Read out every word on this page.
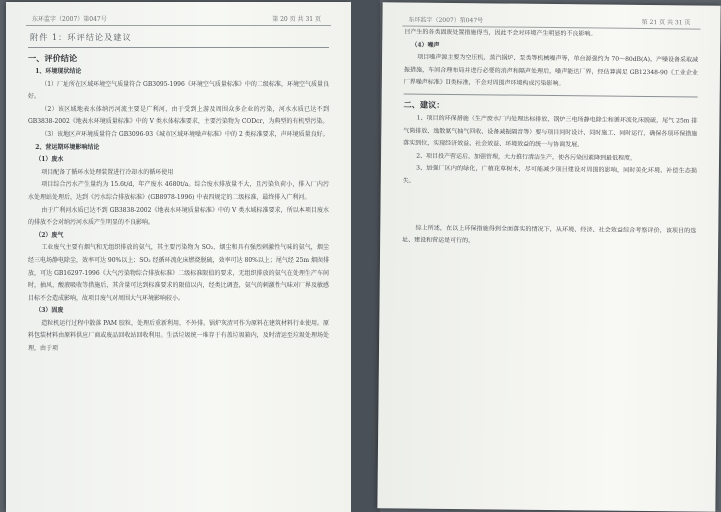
东环监字（2007）第047号	第 20 页 共 31 页
附件 1：环评结论及建议
一、评价结论
1、环境现状结论

（1）厂址所在区域环境空气质量符合 GB3095-1996《环境空气质量标准》中的二级标准，环境空气质量良好。

（2）该区域地表水体纳污河流主要是广利河，由于受到上游及周围众多企业的污染，河水水质已达不到 GB3838-2002《地表水环境质量标准》中的 V 类水体标准要求，主要污染物为 CODcr，为典型的有机型污染。

（3）该地区声环境质量符合 GB3096-93《城市区域环境噪声标准》中的 2 类标准要求，声环境质量良好。

2、营运期环境影响结论
（1）废水

项目配备了循环水处理装置进行冷却水的循环使用

项目综合污水产生量约为 15.6t/d，年产废水 4680t/a。综合废水排放量不大，且污染负荷小，排入厂内污水处理站处理后，达到《污水综合排放标准》(GB8978-1996) 中表四规定的二级标准，最终排入广利河。

由于广利河水质已达不到 GB3838-2002《地表水环境质量标准》中的 V 类水域标准要求，所以本项目废水的排放不会对纳污河水质产生明显的不良影响。

（2）废气

工业废气主要有烟气和无组织排放的氨气，其主要污染物为 SO₂、烟尘和具有强烈刺激性气味的氨气，烟尘经三电场静电除尘，效率可达 90%以上；SO₂ 经循环流化床燃烧脱硫，效率可达 80%以上；尾气经 25m 烟囱排放，可达 GB16297-1996《大气污染物综合排放标准》二级标准限值的要求，无组织排放的氨气在处理生产车间时，抽风、酸液吸收等措施后，其含量可达到标准要求的限值以内，经类比调查，氨气的刺激性气味对厂界及敏感目标不会造成影响，故项目废气对周围大气环境影响较小。

（3）固废

造粒机运行过程中散落 PAM 胶粒，处理后重新利用，不外排。锅炉灰渣可作为原料在建筑材料行业使用。原料包装材料由原料供应厂商或废品回收站回收利用。生活垃圾统一堆存于有盖垃圾箱内，及时清运至垃圾处理场处理，由于项

东环监字（2007）第047号	第 21 页 共 31 页

目产生的各类固废处置措施得当，因此不会对环境产生明显的不良影响。

（4）噪声

项目噪声源主要为空压机、蒸汽锅炉、泵类等机械噪声等，单台源强约为 70～80dB(A)，产噪设备采取减振措施，车间合理布局并进行必要的消声和隔声处理后，噪声能达厂界，经估算满足 GB12348-90《工业企业厂界噪声标准》II类标准，不会对周围声环境构成污染影响。

二、建议：

1、项目的环保措施（生产废水厂内处理达标排放、锅炉三电场静电除尘和循环流化床脱硫，尾气 25m 排气筒排放、逸散氨气抽气回收、设备减振隔音等）要与项目同时设计、同时施工、同时运行，确保各项环保措施落实到位，实现经济效益、社会效益、环境效益的统一与协调发展。

2、项目投产营运后，加强管理，大力推行清洁生产，使各污染因素降到最低程度。

3、加强厂区内的绿化，广植花草树木，尽可能减少项目建设对周围的影响，同时美化环境、补偿生态损失。

综上所述，在以上环保措施得到全面落实的情况下，从环境、经济、社会效益综合考察评价，该项目的选址、建设和营运是可行的。
